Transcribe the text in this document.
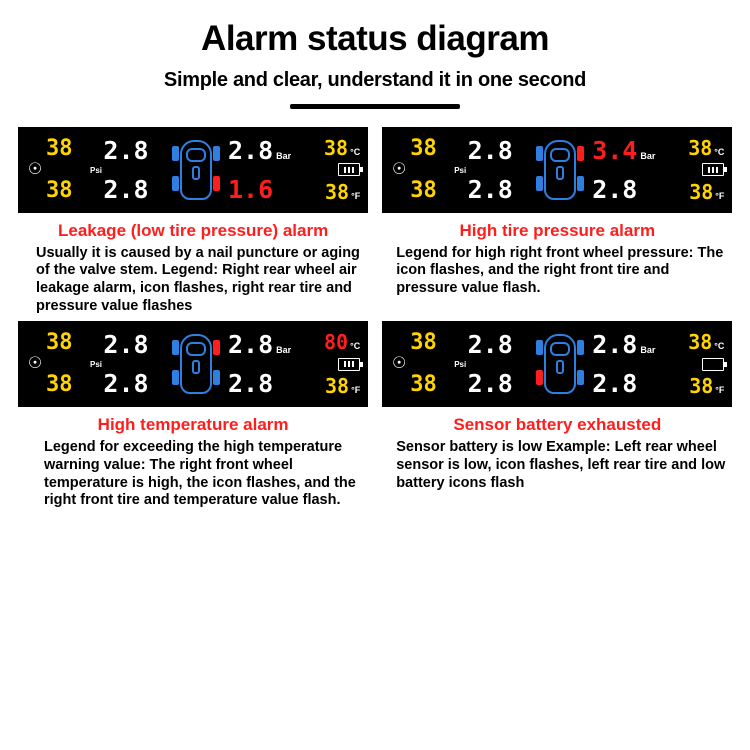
Alarm status diagram
Simple and clear, understand it in one second
☉
38
38
2.8
Psi
2.8
2.8 Bar
1.6
38 °C
38 °F
Leakage (low tire pressure) alarm

Usually it is caused by a nail puncture or aging of the valve stem. Legend: Right rear wheel air leakage alarm, icon flashes, right rear tire and pressure value flashes

☉
38
38
2.8
Psi
2.8
3.4 Bar
2.8
38 °C
38 °F
High tire pressure alarm

Legend for high right front wheel pressure: The icon flashes, and the right front tire and pressure value flash.

☉
38
38
2.8
Psi
2.8
2.8 Bar
2.8
80 °C
38 °F
High temperature alarm

Legend for exceeding the high temperature warning value: The right front wheel temperature is high, the icon flashes, and the right front tire and temperature value flash.

☉
38
38
2.8
Psi
2.8
2.8 Bar
2.8
38 °C
38 °F
Sensor battery exhausted

Sensor battery is low Example: Left rear wheel sensor is low, icon flashes, left rear tire and low battery icons flash
